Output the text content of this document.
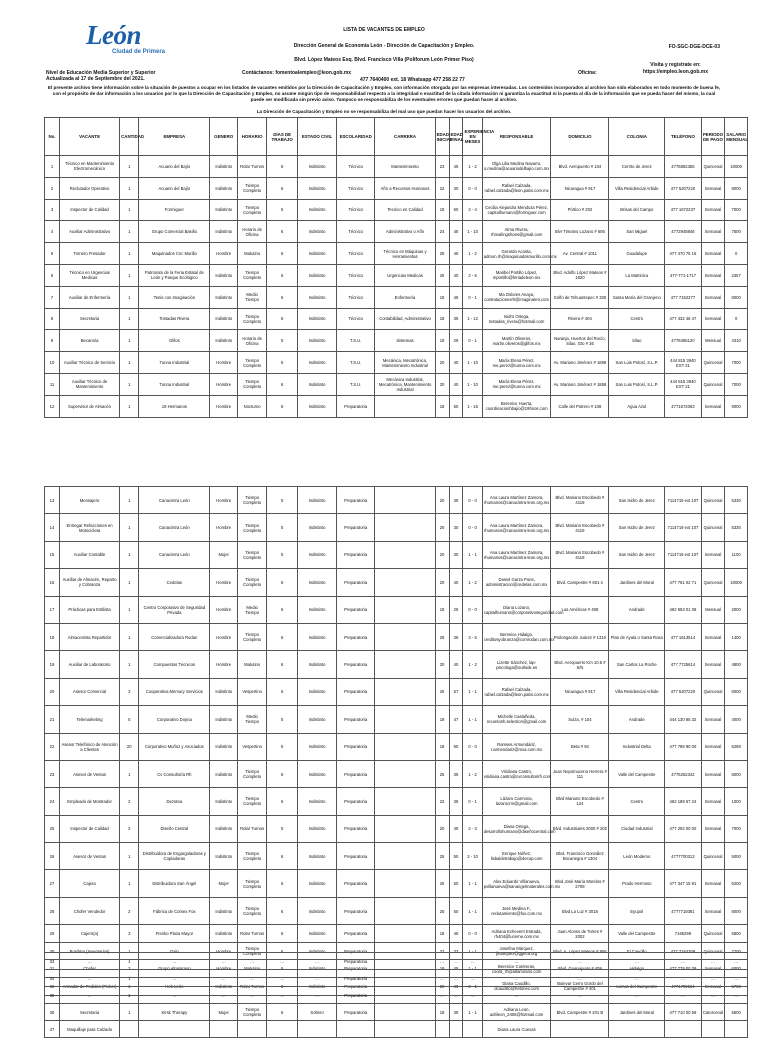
León
Ciudad de Primera
LISTA DE VACANTES DE EMPLEO
Dirección General de Economía León - Dirección de Capacitación y Empleo.
Blvd. López Mateos Esq. Blvd. Francisco Villa (Políforum León Primer Piso)
FO-SGC-DGE-DCE-03
Visita y registrate en:
https://empleo.leon.gob.mx
Nivel de Educación Media Superior y Superior
Actualizada al 17 de Septiembre del 2021.
Contáctanos: fomentoalempleo@leon.gob.mx
477 7640400 ext. 18 Whatsapp 477 258 22 77
Oficina:
El presente archivo tiene información sobre la situación de puestos a ocupar en los listados de vacantes emitidos por la Dirección de Capacitación y Empleo, con información otorgada por las empresas interesadas. Los contenidos incorporados al archivo han sido elaborados en todo momento de buena fe, con el propósito de dar información a los usuarios por lo que la Dirección de Capacitación y Empleo, no asume ningún tipo de responsabilidad respecto a la integridad o exactitud de la citada información ni garantiza la exactitud ni la puesta al día de la información que se pueda hacer del mismo, la cual puede ser modificada sin previo aviso. Tampoco se responsabiliza de los eventuales errores que puedan hacer al archivo.
La Dirección de Capacitación y Empleo no se responsabiliza del mal uso que puedan hacer los usuarios del archivo.
No.	VACANTE	CANTIDAD	EMPRESA	GENERO	HORARIO	DÍAS DE TRABAJO	ESTADO CIVIL	ESCOLARIDAD	CARRERA	EDAD INICIAL	EDAD FINAL	EXPERIENCIA EN MESES	RESPONSABLE	DOMICILIO	COLONIA	TELÉFONO	PERIODO DE PAGO	SALARIO MENSUAL
1	Técnico en Mantenimiento Electromecánico	1	Acuario del Bajío	Indistinto	Rolar Turnos	6	Indistinto	Técnico	Mantenimiento	23	45	1 - 2	Olga Lilia Medina Navarro, o.medina@acuariodelbajio.com.mx	Blvd. Aeropuerto # 104	Cerrito de Jerez	4776882355	Quincenal	10000
2	Reclutador Operativo	1	Acuario del Bajío	Indistinto	Tiempo Completo	6	Indistinto	Técnico	Afín a Recursos Humanos	22	30	0 - 0	Rafael Calzada, rafael.calzada@leon.pabs.com.mx	Nicaragua # 917	Villa Residencial Arbide	477 5207220	Semanal	8000
3	Inspector de Calidad	1	Formiguer	Indistinto	Tiempo Completo	5	Indistinto	Técnico	Tecnico en Calidad	18	60	3 - 4	Cecilia Alejandra Mendoza Pérez, capitalhumano@formiguer.com	Pórtico # 202	Brisas del Campo	477 1672237	Semanal	7000
4	Auxiliar Administrativo	1	Grupo Comercial Basilio	Indistinto	Horario de Oficina	6	Indistinto	Técnico	Administrativo o Afín	24	45	1 - 10	Alma Rivera, rhmailingshoes@gmail.com	Blvr Timoteo Lozano # 606	San Miguel	4772948846	Semanal	7500
5	Tornero Fresador	1	Maquinados Cnc Murillo	Hombre	Matutino	6	Indistinto	Técnico	Técnico en Máquinas y Herramientas	25	45	1 - 2	Gerardo Acosta, admon.rh@maquinadosmurillo.com.mx	Av. Central # 1011	Guadalupe	477 470 75 16	Semanal	0
6	Técnico en Urgencias Medicas	1	Patronato de la Feria Estatal de León y Parque Ecológico	Indistinto	Tiempo Completo	6	Indistinto	Técnico	Urgencias Medicas	25	40	2 - 5	Maribel Portillo López, mportillo@feriadeleon.mx	Blvd. Adolfo López Mateos # 1820	La Martinica	477-771-1717	Semanal	2357
7	Auxiliar de Enfermería	1	Tenis con Imaginación	Indistinto	Medio Tiempo	6	Indistinto	Técnico	Enfermería	18	45	0 - 1	Ma Dolores Anaya, contratacionesrh@imaginateri.com	Golfo de Tehuantepec # 330	Santa María del Granjeno	477 7152277	Semanal	6000
8	Secretaria	1	Tostadas Rivera	Indistinto	Tiempo Completo	6	Indistinto	Técnico	Contabilidad, Administrativo	18	35	1 - 12	Isidro Ortega, tostadas_rivera@hotmail.com	Rivera # 404	Centro	477 432 46 47	Semanal	0
9	Becario/a	1	Glifos	Indistinto	Horario de Oficina	5	Indistinto	T.S.U.	Sistemas	19	29	0 - 1	Martín Oliveros, martin.oliveros@glifos.mx	Naranja, Huertos del Rocío, Silao, Gto # 36	Silao	4776485120	Mensual	4310
10	Auxiliar Técnico de Servicio	1	Tunna Industrial	Hombre	Tiempo Completo	6	Indistinto	T.S.U.	Mecánica, Mecatrónica, Mantenimiento Industrial	20	40	1 - 10	María Elena Pérez, me.perez@tunna.com.mx	Av. Mariano Jiménez # 1858	San Luis Potosí, S.L.P.	444 815 3940 EXT 21	Quincenal	7000
11	Auxiliar Técnico de Mantenimiento	1	Tunna Industrial	Hombre	Tiempo Completo	6	Indistinto	T.S.U.	Mecánica Industrial, Mecatrónica, Mantenimiento Industrial	20	40	1 - 10	María Elena Pérez, me.perez@tunna.com.mx	Av. Mariano Jiménez # 1858	San Luis Potosí, S.L.P.	444 815 3940 EXT 21	Quincenal	7000
12	Supervisor de Almacén	1	19 Hermanos	Hombre	Nocturno	6	Indistinto	Preparatoria		18	50	1 - 15	Berenice Huerta, coordinacionhbajio@19hnos.com	Calle del Potrero # 108	Agua Azul	4771672063	Semanal	9000
13	Mensajero	1	Canacintra León	Hombre	Tiempo Completo	5	Indistinto	Preparatoria		20	35	0 - 0	Ana Laura Martínez Zamora, rhumanos@canacintra-leon.org.mx	Blvd. Mariano Escobedo # 4119	San Isidro de Jerez	7114719 ext 107	Quincenal	5330
14	Entregar Refacciones en Motocicleta	1	Canacintra León	Hombre	Tiempo Completo	5	Indistinto	Preparatoria		20	30	0 - 0	Ana Laura Martínez Zamora, rhumanos@canacintra-leon.org.mx	Blvd. Mariano Escobedo # 4119	San Isidro de Jerez	7114719 ext 107	Quincenal	5330
15	Auxiliar Contable	1	Canacintra León	Mujer	Tiempo Completo	5	Indistinto	Preparatoria		20	30	1 - 1	Ana Laura Martínez Zamora, rhumanos@canacintra-leon.org.mx	Blvd. Mariano Escobedo # 4119	San Isidro de Jerez	7114719 ext 107	Semanal	1100
16	Auxiliar de Almacén, Reparto y Cobranza	1	Cedelas	Hombre	Tiempo Completo	6	Indistinto	Preparatoria		20	40	1 - 2	Daniel Garza Pons, administracion@cedelas.com.mx	Blvd. Campestre # 601-1	Jardines del Moral	477 761 02 71	Quincenal	10000
17	Prácticas para Estilista	1	Centro Corporativo de Seguridad Privada	Hombre	Medio Tiempo	6	Indistinto	Preparatoria		18	25	0 - 0	Diana Lozano, capitalhumano@corporativoseguridad.com	Las Américas # 408	Andrade	462 653 01 08	Mensual	2000
18	Almacenista Repartidor	1	Comercializadora Rodan	Hombre	Tiempo Completo	6	Indistinto	Preparatoria		28	38	3 - 5	Berenice Hidalgo, creditosyobranza@comrodan.com.mx	Prolongación Juárez # 1310	Plan de Ayala o Santa Rosa	477 1613514	Semanal	1400
19	Auxiliar de Laboratorio	1	Compuestos Técnicos	Hombre	Matutino	6	Indistinto	Preparatoria		20	40	1 - 2	Lizette Sánchez, lap-psicologa@outlook.es	Blvd. Aeropuerto Km 10.5 # S/N	San Carlos La Roche	477 7725614	Semanal	4800
20	Asesor Comercial	3	Cooperativa Memory Servicios	Indistinto	Vespertino	6	Indistinto	Preparatoria		25	57	1 - 1	Rafael Calzada, rafael.calzada@leon.pabs.com.mx	Nicaragua # 917	Villa Residencial Arbide	477 5207220	Quincenal	6000
21	Telemarketing	5	Corporativo Doyna	Indistinto	Medio Tiempo	5	Indistinto	Preparatoria		18	47	1 - 1	Michelle Castañeda, recursosh.selection@gmail.com	Suiza, # 104	Andrade	444 130 85 32	Semanal	4000
22	Asesor Telefónico de Atención a Clientes	20	Corporativo Muñoz y Asociados	Indistinto	Vespertino	6	Indistinto	Preparatoria		18	60	0 - 0	Ramses Armendáriz, r.armendariz@mva.com.mx	Beta # 94	Industrial Delta	477 788 90 00	Semanal	5268
23	Asesor de Ventas	1	Cv Consultoría Rh	Indistinto	Tiempo Completo	6	Indistinto	Preparatoria		25	35	1 - 2	Viridiana Castro, viridiana.castro@cvconsultorirh.com	Juan Nepomuceno Herrera # 111	Valle del Campestre	4775262342	Semanal	6000
24	Empleado de Mostrador	2	Dezotea	Indistinto	Tiempo Completo	6	Indistinto	Preparatoria		22	35	0 - 1	Lázaro Carmona, lazarocrm@gmail.com	Blvd Mariano Escobedo # 124	Centro	462 189 57 24	Semanal	1000
25	Inspector de Calidad	2	Diseño Central	Indistinto	Rolar Turnos	5	Indistinto	Preparatoria		20	45	2 - 3	Diana Ortega, desarrollohumano@diseñocentral.com	Blvd. Industriales 2000 # 202	Ciudad Industrial	477 292 00 00	Semanal	7000
26	Asesor de Ventas	1	Distribuidora de Engargoladoras y Copiadoras	Indistinto	Tiempo Completo	6	Indistinto	Preparatoria		25	50	2 - 10	Enrique Núñez, lisbaldetrabajo@decop.com	Blvd. Francisco González Bocanegra # 1304	León Moderno	4777700313	Quincenal	5000
27	Cajera	1	Distribuidora San Ángel	Mujer	Tiempo Completo	6	Indistinto	Preparatoria		25	50	1 - 1	Alex Eduardo Villanueva, pvillanueva@sanangelmaterales.com.mx	Blvd José María Morelos # 2708	Prado Hermoso	477 347 15 91	Semanal	6200
28	Chofer Vendedor	2	Fábrica de Comex Fox	Indistinto	Tiempo Completo	6	Indistinto	Preparatoria		25	50	1 - 1	José Medina F., reclutamiento@fox.com.mx	Blvd La Luz # 3018	Eyupol	4777719381	Semanal	8000
29	Cajero(a)	3	Frenko Plaza Mayor	Indistinto	Rolar Turnos	6	Indistinto	Preparatoria		18	45	0 - 0	Adriana Echeverri Estrada, rh404@lucerne.com.mx	Juan Alonso de Torres # 2002	Valle del Campestre	7165299	Quincenal	5800
30	Bordista (Inventarios)	1	Galo	Hombre	Tiempo Completo	6	Indistinto	Preparatoria		22	33	1 - 1	Josefina Márquez, jhuarquez@ggeca.org	Blvd. A. López Mateos # 906	El Coecillo	477 7164309	Quincenal	7200
31	Chofer	2	Grupo Altamirano	Hombre	Matutino	6	Indistinto	Preparatoria		18	45	1 - 1	Berenice Contreras, coord_rh@altamirano.com	Blvd. Guanajuato # 409	Hidalgo	477 779 00 39	Semanal	6000
32	Armador de Pedidos (Picker)	1	Heb León	Indistinto	Rolar Turnos	6	Indistinto	Preparatoria		20	40	0 - 1	Diana Caudillo, dcaudillo@hebmex.com	Bulevar Cerro Gordo del Campestre # 401	Lomas del Campestre	4771799564	Semanal	5700
33	…	1	…	…	…	…	…	Preparatoria		…	…	…	…	…	…	…	…	…
34	…	1	…	…	…	…	…	Preparatoria		…	…	…	…	…	…	…	…	…
35	…	1	…	…	…	…	…	Preparatoria		…	…	…	…	…	…	…	…	…
36	Secretaria	1	Kirsk Therapy	Mujer	Tiempo Completo	6	Soltero	Preparatoria		18	35	1 - 1	Adriana Leon, adrileon_2406@hotmail.com	Blvd. Campestre # 201 B	Jardines del Moral	477 710 00 58	Catorcenal	5500
37	Maquillaje para Calzado												Diana Laura Cuevas					
